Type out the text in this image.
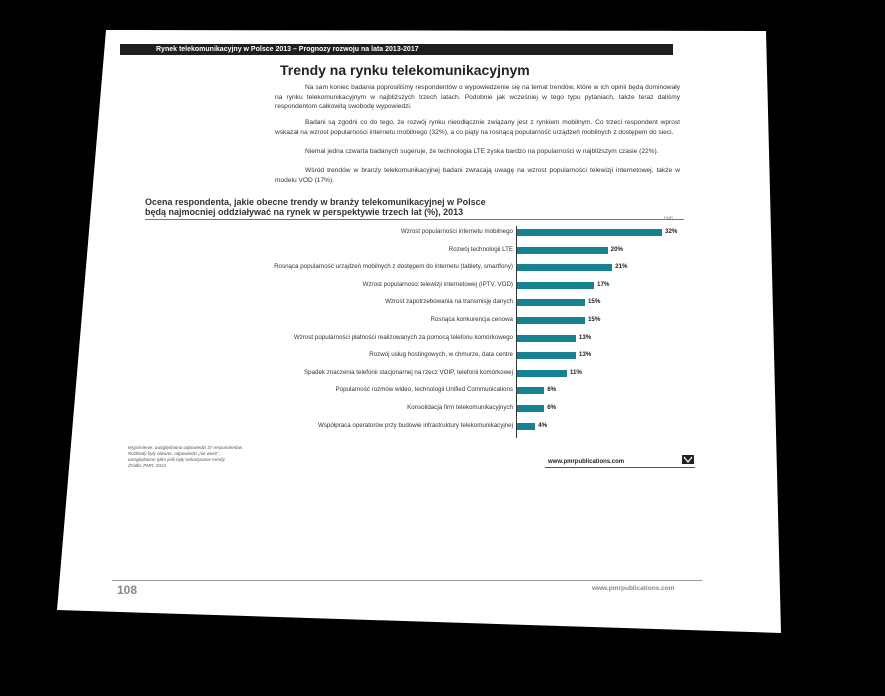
Rynek telekomunikacyjny w Polsce 2013 – Prognozy rozwoju na lata 2013-2017
Trendy na rynku telekomunikacyjnym
Na sam koniec badania poprosiliśmy respondentów o wypowiedzenie się na temat trendów, które w ich opinii będą dominowały na rynku telekomunikacyjnym w najbliższych trzech latach. Podobnie jak wcześniej w tego typu pytaniach, także teraz daliśmy respondentom całkowitą swobodę wypowiedzi.
Badani są zgodni co do tego, że rozwój rynku nieodłącznie związany jest z rynkiem mobilnym. Co trzeci respondent wprost wskazał na wzrost popularności internetu mobilnego (32%), a co piąty na rosnącą popularność urządzeń mobilnych z dostępem do sieci.
Niemal jedna czwarta badanych sugeruje, że technologia LTE zyska bardzo na popularności w najbliższym czasie (22%).
Wśród trendów w branży telekomunikacyjnej badani zwracają uwagę na wzrost popularności telewizji internetowej, także w modelu VOD (17%).
Ocena respondenta, jakie obecne trendy w branży telekomunikacyjnej w Polsce
będą najmocniej oddziaływać na rynek w perspektywie trzech lat (%), 2013
PMR
Wzrost popularności internetu mobilnego	32%
Rozwój technologii LTE	20%
Rosnąca popularność urządzeń mobilnych z dostępem do internetu (tablety, smartfony)	21%
Wzrost popularności telewizji internetowej (IPTV, VOD)	17%
Wzrost zapotrzebowania na transmisję danych	15%
Rosnąca konkurencja cenowa	15%
Wzrost popularności płatności realizowanych za pomocą telefonu komórkowego	13%
Rozwój usług hostingowych, w chmurze, data centre	13%
Spadek znaczenia telefonii stacjonarnej na rzecz VOIP, telefonii komórkowej	11%
Popularność rozmów wideo, technologii Unified Communications	6%
Konsolidacja firm telekomunikacyjnych	6%
Współpraca operatorów przy budowie infrastruktury telekomunikacyjnej	4%
Wyjaśnienie: uwzględniono odpowiedzi 37 respondentów.
Rozkłady były otwarte, odpowiedzi „nie wiem”,
uwzględniono tylko jeśli były wskazywane trendy.
Źródło: PMR, 2013
www.pmrpublications.com
108	www.pmrpublications.com
